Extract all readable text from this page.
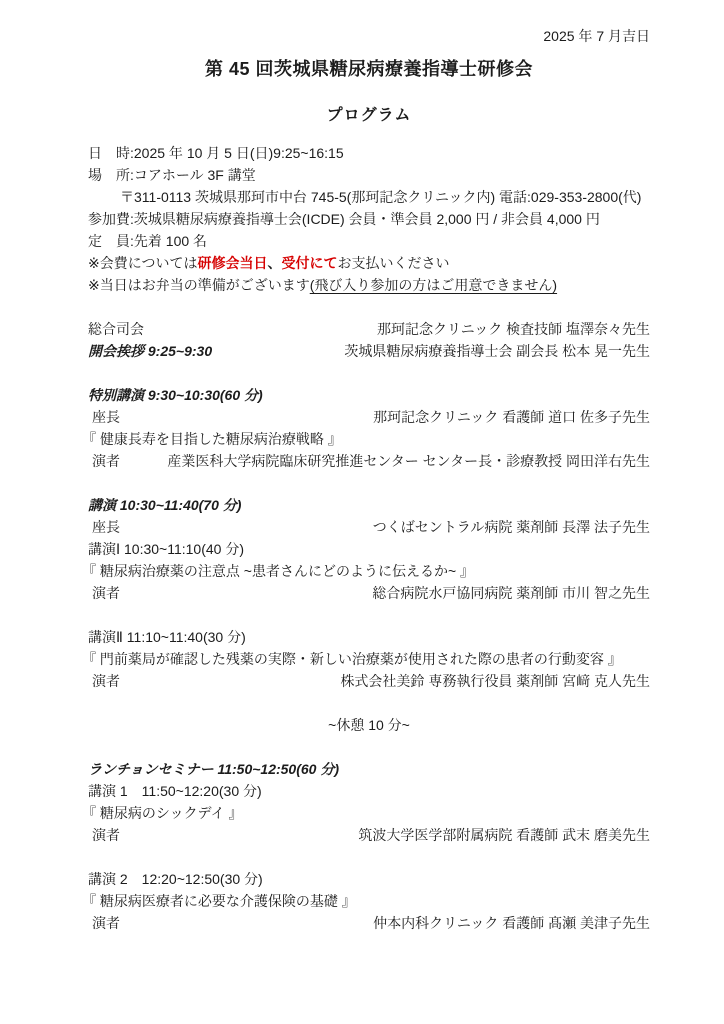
2025 年 7 月吉日
第 45 回茨城県糖尿病療養指導士研修会
プログラム
日　時:2025 年 10 月 5 日(日)9:25~16:15
場　所:コアホール 3F 講堂
〒311-0113 茨城県那珂市中台 745-5(那珂記念クリニック内) 電話:029-353-2800(代)
参加費:茨城県糖尿病療養指導士会(ICDE) 会員・準会員 2,000 円 / 非会員 4,000 円
定　員:先着 100 名
※会費については研修会当日、受付にてお支払いください
※当日はお弁当の準備がございます(飛び入り参加の方はご用意できません)
総合司会	那珂記念クリニック 検査技師 塩澤奈々先生
開会挨拶 9:25~9:30	茨城県糖尿病療養指導士会 副会長 松本 晃一先生
特別講演 9:30~10:30(60 分)
座長	那珂記念クリニック 看護師 道口 佐多子先生
『 健康長寿を目指した糖尿病治療戦略 』
演者	産業医科大学病院臨床研究推進センター センター長・診療教授 岡田洋右先生
講演 10:30~11:40(70 分)
座長	つくばセントラル病院 薬剤師 長澤 法子先生
講演Ⅰ 10:30~11:10(40 分)
『 糖尿病治療薬の注意点 ~患者さんにどのように伝えるか~ 』
演者	総合病院水戸協同病院 薬剤師 市川 智之先生
講演Ⅱ 11:10~11:40(30 分)
『 門前薬局が確認した残薬の実際・新しい治療薬が使用された際の患者の行動変容 』
演者	株式会社美鈴 専務執行役員 薬剤師 宮﨑 克人先生
~休憩 10 分~
ランチョンセミナー 11:50~12:50(60 分)
講演 1　11:50~12:20(30 分)
『 糖尿病のシックデイ 』
演者	筑波大学医学部附属病院 看護師 武末 磨美先生
講演 2　12:20~12:50(30 分)
『 糖尿病医療者に必要な介護保険の基礎 』
演者	仲本内科クリニック 看護師 髙瀬 美津子先生
